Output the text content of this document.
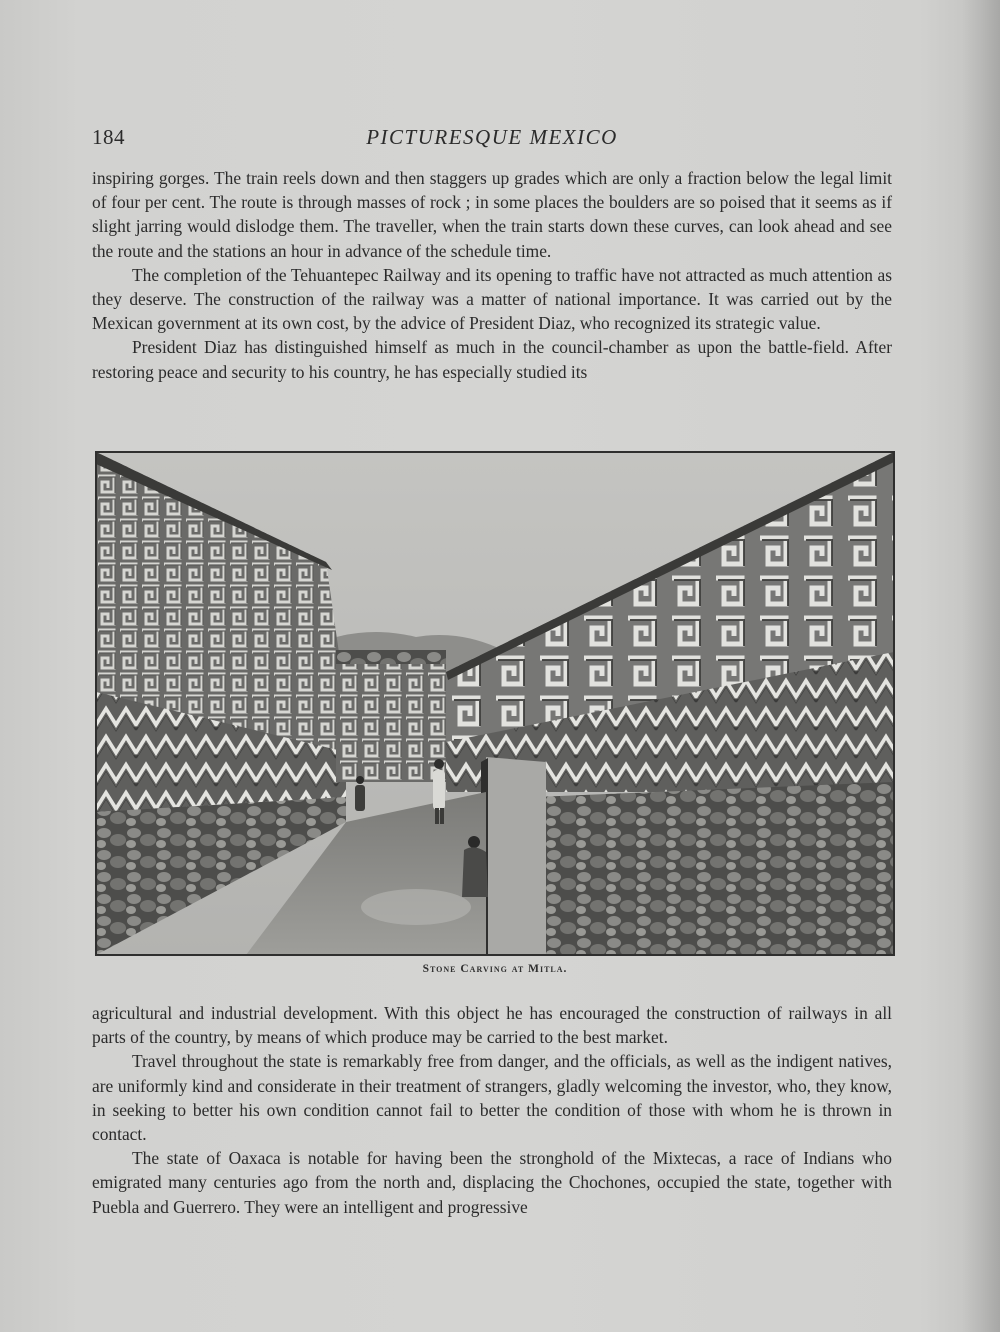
184	PICTURESQUE MEXICO

inspiring gorges. The train reels down and then staggers up grades which are only a fraction below the legal limit of four per cent. The route is through masses of rock ; in some places the boulders are so poised that it seems as if slight jarring would dislodge them. The traveller, when the train starts down these curves, can look ahead and see the route and the stations an hour in advance of the schedule time.

The completion of the Tehuantepec Railway and its opening to traffic have not attracted as much attention as they deserve. The construction of the railway was a matter of national importance. It was carried out by the Mexican government at its own cost, by the advice of President Diaz, who recognized its strategic value.

President Diaz has distinguished himself as much in the council-chamber as upon the battle-field. After restoring peace and security to his country, he has especially studied its

Stone Carving at Mitla.

agricultural and industrial development. With this object he has encouraged the construction of railways in all parts of the country, by means of which produce may be carried to the best market.

Travel throughout the state is remarkably free from danger, and the officials, as well as the indigent natives, are uniformly kind and considerate in their treatment of strangers, gladly welcoming the investor, who, they know, in seeking to better his own condition cannot fail to better the condition of those with whom he is thrown in contact.

The state of Oaxaca is notable for having been the stronghold of the Mixtecas, a race of Indians who emigrated many centuries ago from the north and, displacing the Chochones, occupied the state, together with Puebla and Guerrero. They were an intelligent and progressive
